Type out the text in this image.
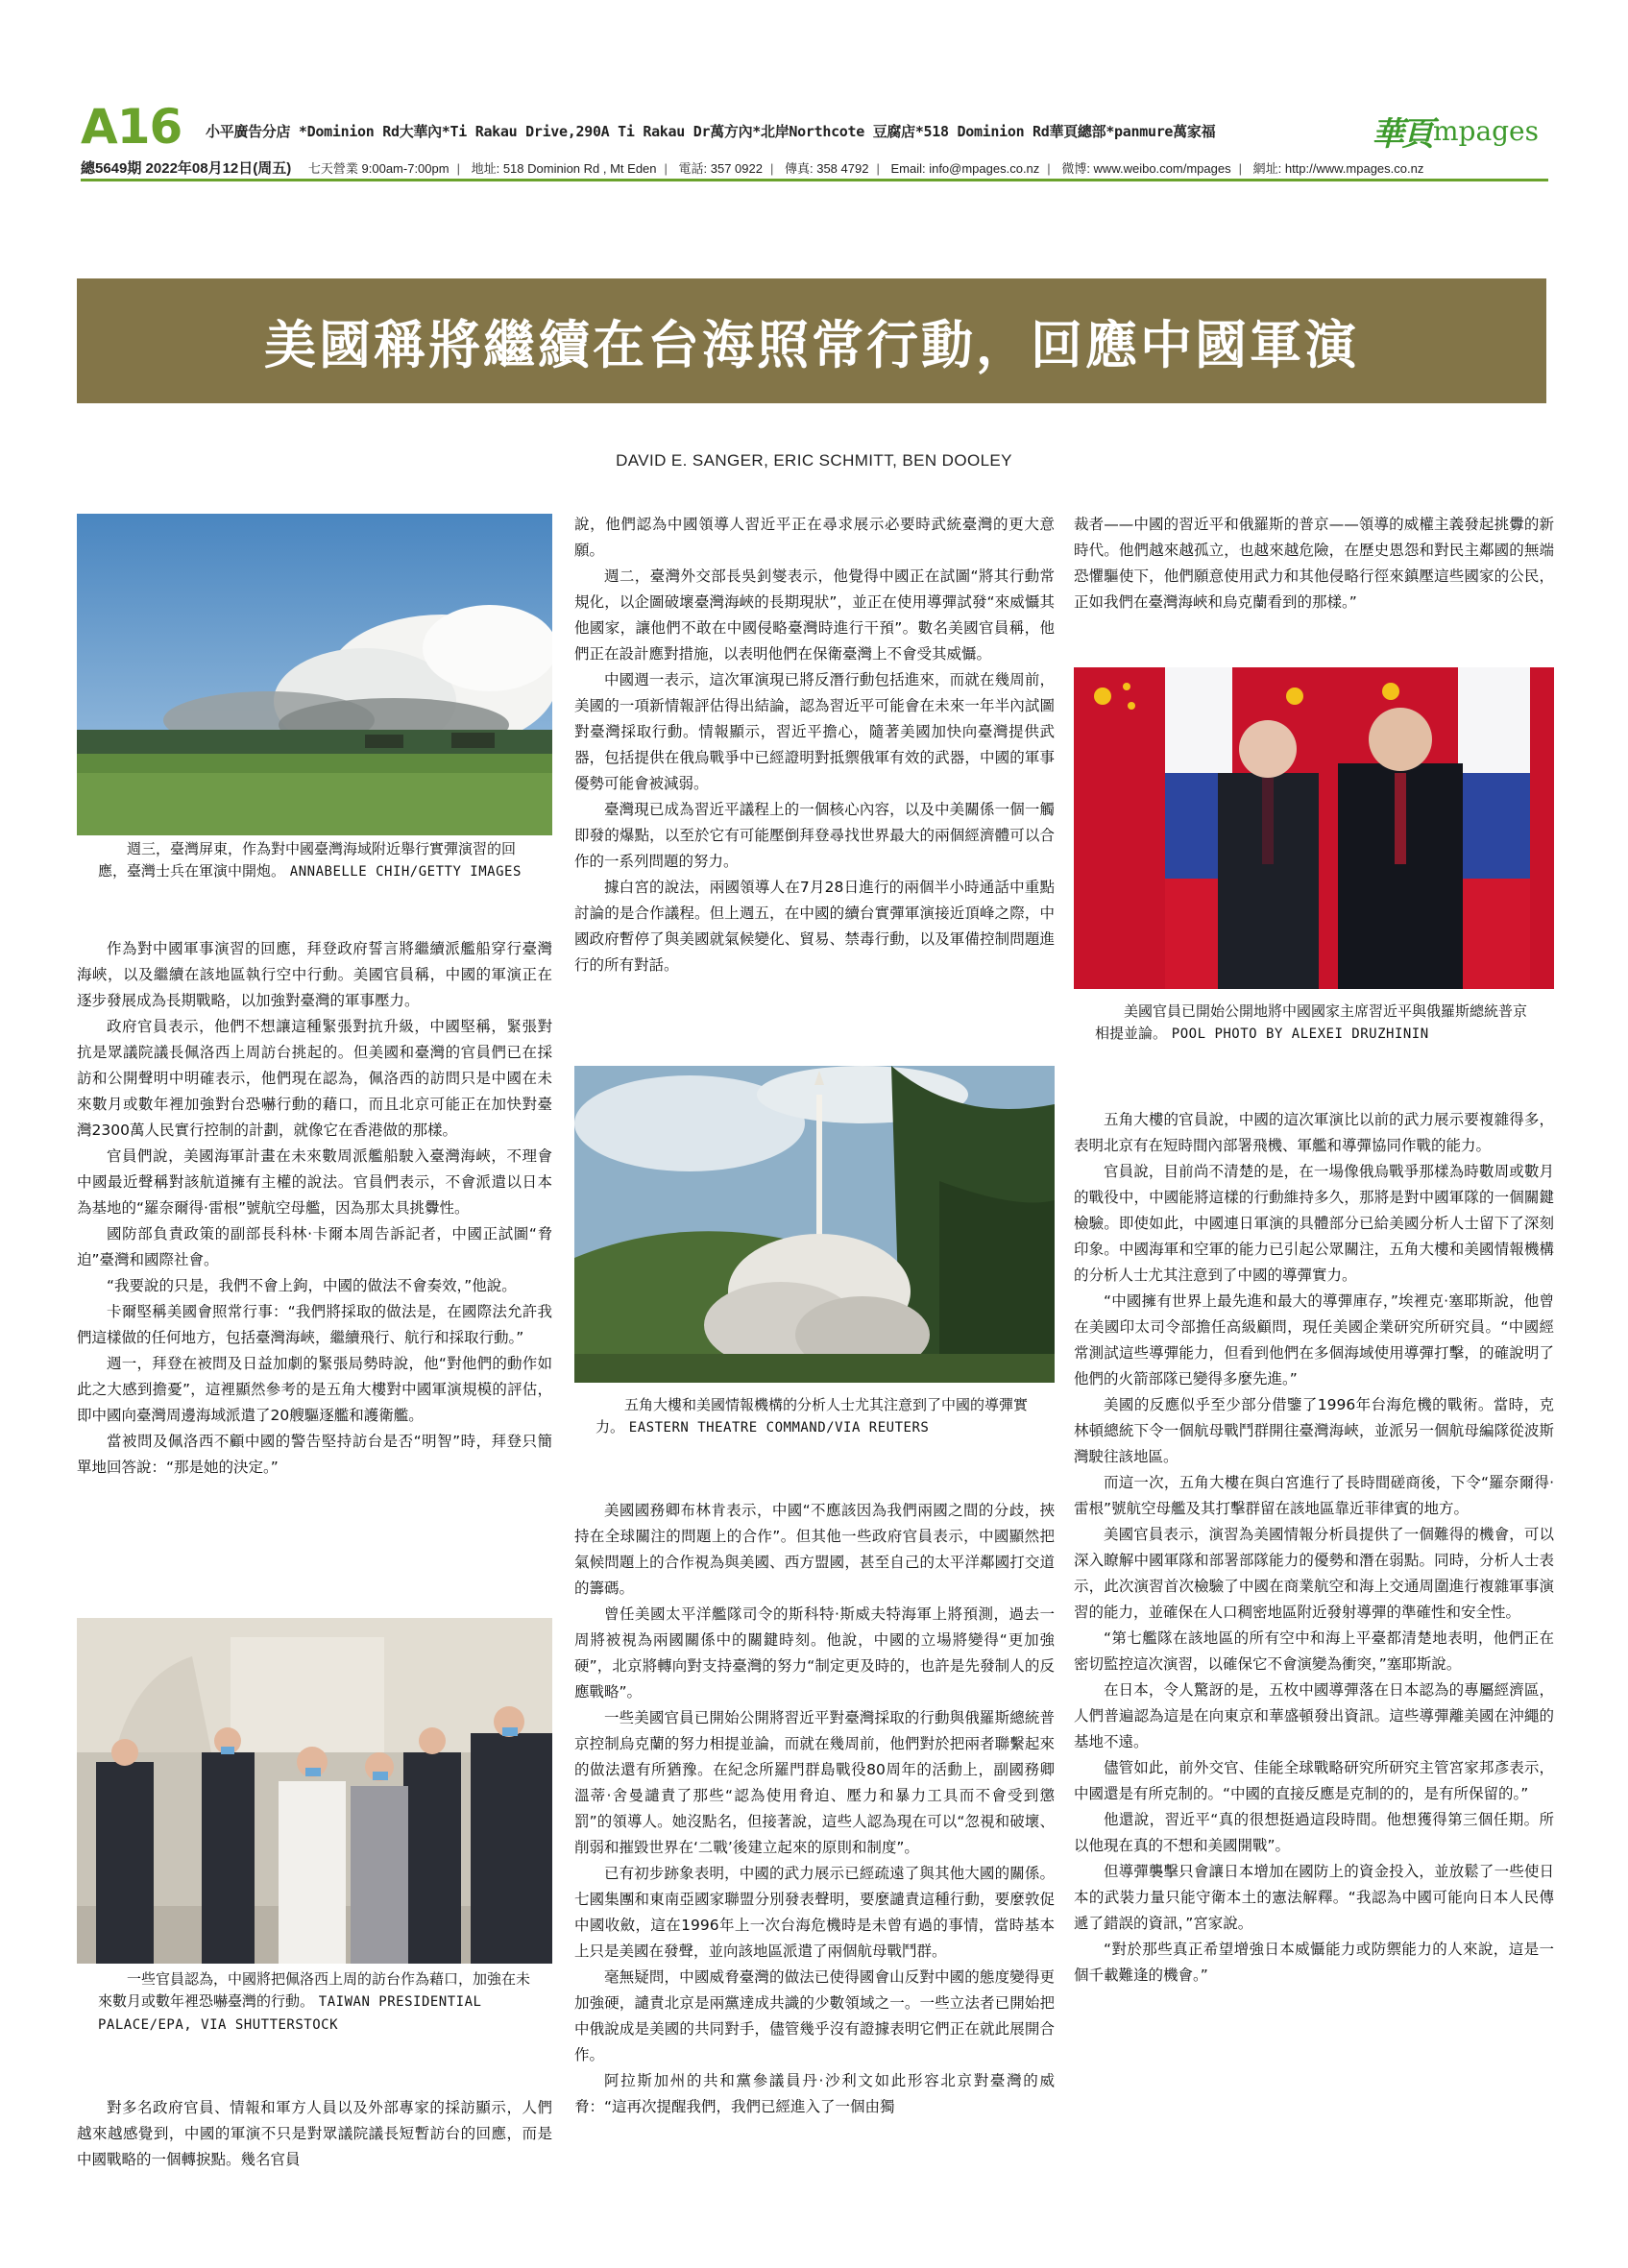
A16 小平廣告分店 *Dominion Rd大華內*Ti Rakau Drive,290A Ti Rakau Dr萬方內*北岸Northcote 豆腐店*518 Dominion Rd華頁總部*panmure萬家福	華頁 mpages
總5649期 2022年08月12日(周五) 七天營業 9:00am-7:00pm | 地址: 518 Dominion Rd , Mt Eden | 電話: 357 0922 | 傳真: 358 4792 | Email: info@mpages.co.nz | 微博: www.weibo.com/mpages | 網址: http://www.mpages.co.nz
美國稱將繼續在台海照常行動，回應中國軍演
DAVID E. SANGER, ERIC SCHMITT, BEN DOOLEY
週三，臺灣屏東，作為對中國臺灣海域附近舉行實彈演習的回應，臺灣士兵在軍演中開炮。 ANNABELLE CHIH/GETTY IMAGES
一些官員認為，中國將把佩洛西上周的訪台作為藉口，加強在未來數月或數年裡恐嚇臺灣的行動。 TAIWAN PRESIDENTIAL PALACE/EPA, VIA SHUTTERSTOCK
五角大樓和美國情報機構的分析人士尤其注意到了中國的導彈實力。 EASTERN THEATRE COMMAND/VIA REUTERS
美國官員已開始公開地將中國國家主席習近平與俄羅斯總統普京相提並論。 POOL PHOTO BY ALEXEI DRUZHININ

作為對中國軍事演習的回應，拜登政府誓言將繼續派艦船穿行臺灣海峽，以及繼續在該地區執行空中行動。美國官員稱，中國的軍演正在逐步發展成為長期戰略，以加強對臺灣的軍事壓力。

政府官員表示，他們不想讓這種緊張對抗升級，中國堅稱，緊張對抗是眾議院議長佩洛西上周訪台挑起的。但美國和臺灣的官員們已在採訪和公開聲明中明確表示，他們現在認為，佩洛西的訪問只是中國在未來數月或數年裡加強對台恐嚇行動的藉口，而且北京可能正在加快對臺灣2300萬人民實行控制的計劃，就像它在香港做的那樣。

官員們說，美國海軍計畫在未來數周派艦船駛入臺灣海峽，不理會中國最近聲稱對該航道擁有主權的說法。官員們表示，不會派遣以日本為基地的“羅奈爾得·雷根”號航空母艦，因為那太具挑釁性。

國防部負責政策的副部長科林·卡爾本周告訴記者，中國正試圖“脅迫”臺灣和國際社會。

“我要說的只是，我們不會上鉤，中國的做法不會奏效，”他說。

卡爾堅稱美國會照常行事：“我們將採取的做法是，在國際法允許我們這樣做的任何地方，包括臺灣海峽，繼續飛行、航行和採取行動。”

週一，拜登在被問及日益加劇的緊張局勢時說，他“對他們的動作如此之大感到擔憂”，這裡顯然參考的是五角大樓對中國軍演規模的評估，即中國向臺灣周邊海域派遣了20艘驅逐艦和護衛艦。

當被問及佩洛西不顧中國的警告堅持訪台是否“明智”時，拜登只簡單地回答說：“那是她的決定。”

對多名政府官員、情報和軍方人員以及外部專家的採訪顯示，人們越來越感覺到，中國的軍演不只是對眾議院議長短暫訪台的回應，而是中國戰略的一個轉捩點。幾名官員

說，他們認為中國領導人習近平正在尋求展示必要時武統臺灣的更大意願。

週二，臺灣外交部長吳釗燮表示，他覺得中國正在試圖“將其行動常規化，以企圖破壞臺灣海峽的長期現狀”，並正在使用導彈試發“來威懾其他國家，讓他們不敢在中國侵略臺灣時進行干預”。數名美國官員稱，他們正在設計應對措施，以表明他們在保衛臺灣上不會受其威懾。

中國週一表示，這次軍演現已將反潛行動包括進來，而就在幾周前，美國的一項新情報評估得出結論，認為習近平可能會在未來一年半內試圖對臺灣採取行動。情報顯示，習近平擔心，隨著美國加快向臺灣提供武器，包括提供在俄烏戰爭中已經證明對抵禦俄軍有效的武器，中國的軍事優勢可能會被減弱。

臺灣現已成為習近平議程上的一個核心內容，以及中美關係一個一觸即發的爆點，以至於它有可能壓倒拜登尋找世界最大的兩個經濟體可以合作的一系列問題的努力。

據白宮的說法，兩國領導人在7月28日進行的兩個半小時通話中重點討論的是合作議程。但上週五，在中國的續台實彈軍演接近頂峰之際，中國政府暫停了與美國就氣候變化、貿易、禁毒行動，以及軍備控制問題進行的所有對話。

美國國務卿布林肯表示，中國“不應該因為我們兩國之間的分歧，挾持在全球關注的問題上的合作”。但其他一些政府官員表示，中國顯然把氣候問題上的合作視為與美國、西方盟國，甚至自己的太平洋鄰國打交道的籌碼。

曾任美國太平洋艦隊司令的斯科特·斯威夫特海軍上將預測，過去一周將被視為兩國關係中的關鍵時刻。他說，中國的立場將變得“更加強硬”，北京將轉向對支持臺灣的努力“制定更及時的，也許是先發制人的反應戰略”。

一些美國官員已開始公開將習近平對臺灣採取的行動與俄羅斯總統普京控制烏克蘭的努力相提並論，而就在幾周前，他們對於把兩者聯繫起來的做法還有所猶豫。在紀念所羅門群島戰役80周年的活動上，副國務卿溫蒂·舍曼譴責了那些“認為使用脅迫、壓力和暴力工具而不會受到懲罰”的領導人。她沒點名，但接著說，這些人認為現在可以“忽視和破壞、削弱和摧毀世界在‘二戰’後建立起來的原則和制度”。

已有初步跡象表明，中國的武力展示已經疏遠了與其他大國的關係。七國集團和東南亞國家聯盟分別發表聲明，要麼譴責這種行動，要麼敦促中國收斂，這在1996年上一次台海危機時是未曾有過的事情，當時基本上只是美國在發聲，並向該地區派遣了兩個航母戰鬥群。

毫無疑問，中國威脅臺灣的做法已使得國會山反對中國的態度變得更加強硬，譴責北京是兩黨達成共識的少數領域之一。一些立法者已開始把中俄說成是美國的共同對手，儘管幾乎沒有證據表明它們正在就此展開合作。

阿拉斯加州的共和黨參議員丹·沙利文如此形容北京對臺灣的威脅：“這再次提醒我們，我們已經進入了一個由獨

裁者——中國的習近平和俄羅斯的普京——領導的威權主義發起挑釁的新時代。他們越來越孤立，也越來越危險，在歷史恩怨和對民主鄰國的無端恐懼驅使下，他們願意使用武力和其他侵略行徑來鎮壓這些國家的公民，正如我們在臺灣海峽和烏克蘭看到的那樣。”

五角大樓的官員說，中國的這次軍演比以前的武力展示要複雜得多，表明北京有在短時間內部署飛機、軍艦和導彈協同作戰的能力。

官員說，目前尚不清楚的是，在一場像俄烏戰爭那樣為時數周或數月的戰役中，中國能將這樣的行動維持多久，那將是對中國軍隊的一個關鍵檢驗。即使如此，中國連日軍演的具體部分已給美國分析人士留下了深刻印象。中國海軍和空軍的能力已引起公眾關注，五角大樓和美國情報機構的分析人士尤其注意到了中國的導彈實力。

“中國擁有世界上最先進和最大的導彈庫存，”埃裡克·塞耶斯說，他曾在美國印太司令部擔任高級顧問，現任美國企業研究所研究員。“中國經常測試這些導彈能力，但看到他們在多個海域使用導彈打擊，的確說明了他們的火箭部隊已變得多麼先進。”

美國的反應似乎至少部分借鑒了1996年台海危機的戰術。當時，克林頓總統下令一個航母戰鬥群開往臺灣海峽，並派另一個航母編隊從波斯灣駛往該地區。

而這一次，五角大樓在與白宮進行了長時間磋商後，下令“羅奈爾得·雷根”號航空母艦及其打擊群留在該地區靠近菲律賓的地方。

美國官員表示，演習為美國情報分析員提供了一個難得的機會，可以深入瞭解中國軍隊和部署部隊能力的優勢和潛在弱點。同時，分析人士表示，此次演習首次檢驗了中國在商業航空和海上交通周圍進行複雜軍事演習的能力，並確保在人口稠密地區附近發射導彈的準確性和安全性。

“第七艦隊在該地區的所有空中和海上平臺都清楚地表明，他們正在密切監控這次演習，以確保它不會演變為衝突，”塞耶斯說。

在日本，令人驚訝的是，五枚中國導彈落在日本認為的專屬經濟區，人們普遍認為這是在向東京和華盛頓發出資訊。這些導彈離美國在沖繩的基地不遠。

儘管如此，前外交官、佳能全球戰略研究所研究主管宮家邦彥表示，中國還是有所克制的。“中國的直接反應是克制的的，是有所保留的。”

他還說，習近平“真的很想挺過這段時間。他想獲得第三個任期。所以他現在真的不想和美國開戰”。

但導彈襲擊只會讓日本增加在國防上的資金投入，並放鬆了一些使日本的武裝力量只能守衛本土的憲法解釋。“我認為中國可能向日本人民傳遞了錯誤的資訊，”宮家說。

“對於那些真正希望增強日本威懾能力或防禦能力的人來說，這是一個千載難逢的機會。”
